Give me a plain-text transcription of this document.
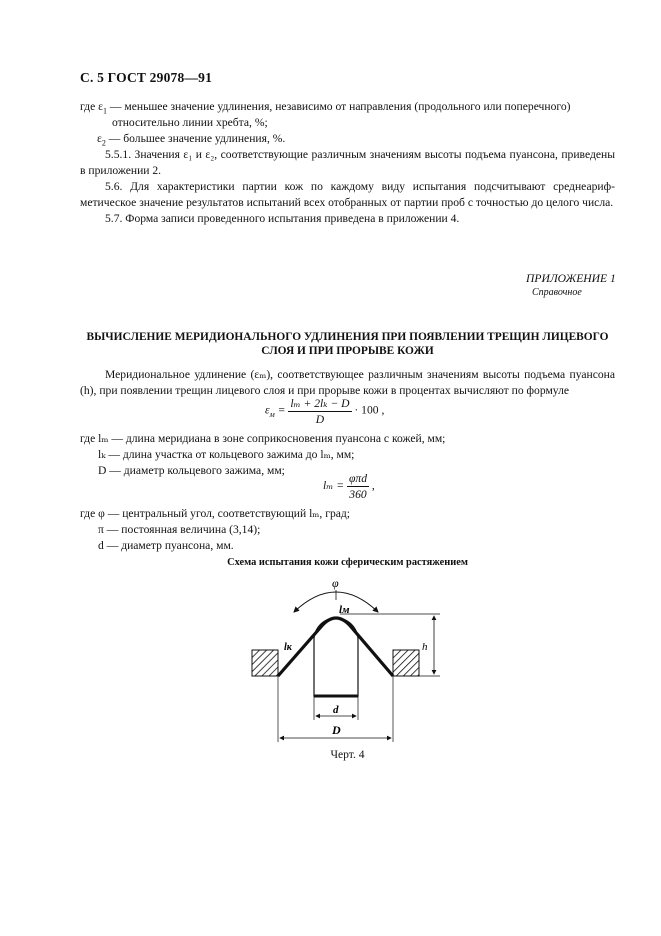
С. 5 ГОСТ 29078—91
где $\varepsilon_1$ — меньшее значение удлинения, независимо от направления (продольного или поперечного)
относительно линии хребта, %;
$\varepsilon_2$ — большее значение удлинения, %.
5.5.1. Значения ε₁ и ε₂, соответствующие различным значениям высоты подъема пуансона, приведены в приложении 2.
5.6. Для характеристики партии кож по каждому виду испытания подсчитывают среднеарифметическое значение результатов испытаний всех отобранных от партии проб с точностью до целого числа.
5.7. Форма записи проведенного испытания приведена в приложении 4.
ПРИЛОЖЕНИЕ 1
Справочное
ВЫЧИСЛЕНИЕ МЕРИДИОНАЛЬНОГО УДЛИНЕНИЯ ПРИ ПОЯВЛЕНИИ ТРЕЩИН ЛИЦЕВОГО СЛОЯ И ПРИ ПРОРЫВЕ КОЖИ
Меридиональное удлинение (εₘ), соответствующее различным значениям высоты подъема пуансона (h), при появлении трещин лицевого слоя и при прорыве кожи в процентах вычисляют по формуле
$\varepsilon_м = \frac{\text{lₘ + 2lₖ − D}}{D} \cdot 100$ ,
где lₘ — длина меридиана в зоне соприкосновения пуансона с кожей, мм;
lₖ — длина участка от кольцевого зажима до lₘ, мм;
D — диаметр кольцевого зажима, мм;
$l_m = \frac{\text{φπd}}{360}$ ,
где φ — центральный угол, соответствующий lₘ, град;
π — постоянная величина (3,14);
d — диаметр пуансона, мм.
Схема испытания кожи сферическим растяжением
φ
lм
lк	h
d
D
Черт. 4
